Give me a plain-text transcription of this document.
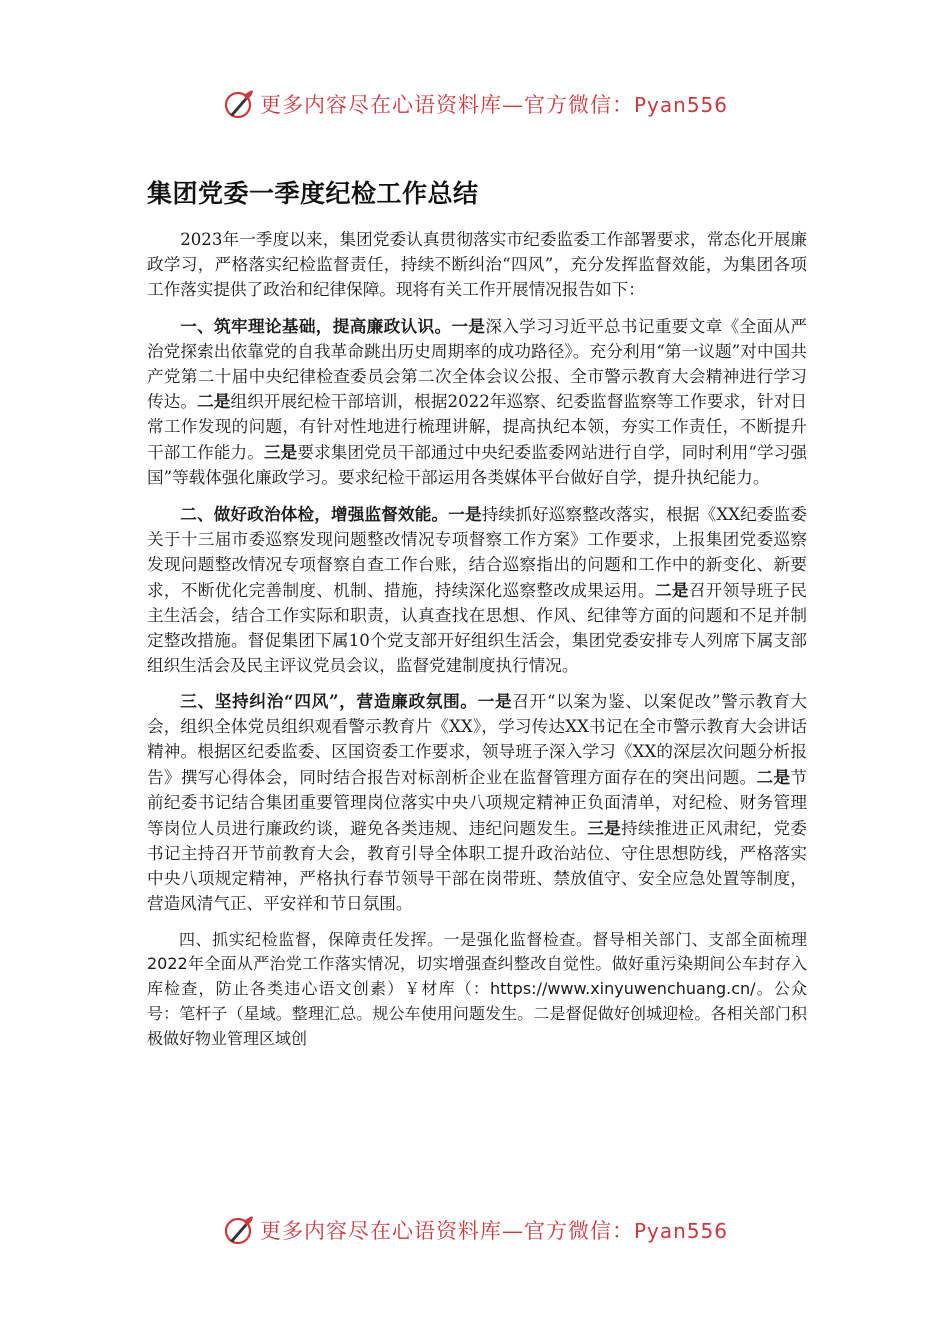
更多内容尽在心语资料库—官方微信：Pyan556
集团党委一季度纪检工作总结

2023年一季度以来，集团党委认真贯彻落实市纪委监委工作部署要求，常态化开展廉政学习，严格落实纪检监督责任，持续不断纠治“四风”，充分发挥监督效能，为集团各项工作落实提供了政治和纪律保障。现将有关工作开展情况报告如下：

一、筑牢理论基础，提高廉政认识。一是深入学习习近平总书记重要文章《全面从严治党探索出依靠党的自我革命跳出历史周期率的成功路径》。充分利用“第一议题”对中国共产党第二十届中央纪律检查委员会第二次全体会议公报、全市警示教育大会精神进行学习传达。二是组织开展纪检干部培训，根据2022年巡察、纪委监督监察等工作要求，针对日常工作发现的问题，有针对性地进行梳理讲解，提高执纪本领，夯实工作责任，不断提升干部工作能力。三是要求集团党员干部通过中央纪委监委网站进行自学，同时利用“学习强国”等载体强化廉政学习。要求纪检干部运用各类媒体平台做好自学，提升执纪能力。

二、做好政治体检，增强监督效能。一是持续抓好巡察整改落实，根据《XX纪委监委关于十三届市委巡察发现问题整改情况专项督察工作方案》工作要求，上报集团党委巡察发现问题整改情况专项督察自查工作台账，结合巡察指出的问题和工作中的新变化、新要求，不断优化完善制度、机制、措施，持续深化巡察整改成果运用。二是召开领导班子民主生活会，结合工作实际和职责，认真查找在思想、作风、纪律等方面的问题和不足并制定整改措施。督促集团下属10个党支部开好组织生活会，集团党委安排专人列席下属支部组织生活会及民主评议党员会议，监督党建制度执行情况。

三、坚持纠治“四风”，营造廉政氛围。一是召开“以案为鉴、以案促改”警示教育大会，组织全体党员组织观看警示教育片《XX》，学习传达XX书记在全市警示教育大会讲话精神。根据区纪委监委、区国资委工作要求，领导班子深入学习《XX的深层次问题分析报告》撰写心得体会，同时结合报告对标剖析企业在监督管理方面存在的突出问题。二是节前纪委书记结合集团重要管理岗位落实中央八项规定精神正负面清单，对纪检、财务管理等岗位人员进行廉政约谈，避免各类违规、违纪问题发生。三是持续推进正风肃纪，党委书记主持召开节前教育大会，教育引导全体职工提升政治站位、守住思想防线，严格落实中央八项规定精神，严格执行春节领导干部在岗带班、禁放值守、安全应急处置等制度，营造风清气正、平安祥和节日氛围。

四、抓实纪检监督，保障责任发挥。一是强化监督检查。督导相关部门、支部全面梳理2022年全面从严治党工作落实情况，切实增强查纠整改自觉性。做好重污染期间公车封存入库检查，防止各类违心语文创素）￥材库（：https://www.xinyuwenchuang.cn/。公众号：笔杆子（星域。整理汇总。规公车使用问题发生。二是督促做好创城迎检。各相关部门积极做好物业管理区域创

更多内容尽在心语资料库—官方微信：Pyan556
